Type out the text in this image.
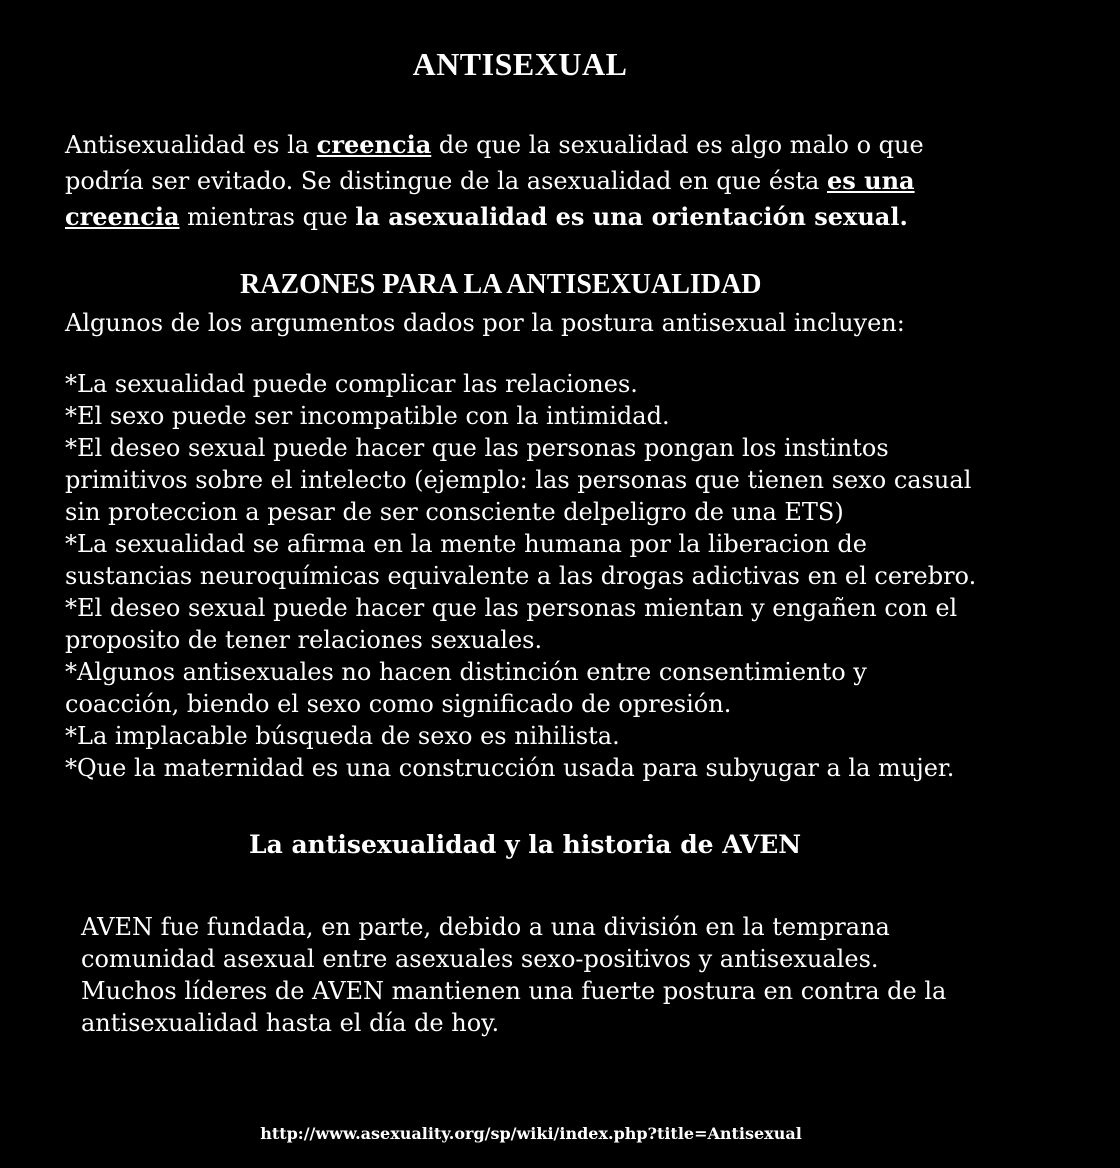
ANTISEXUAL
Antisexualidad es la creencia de que la sexualidad es algo malo o que
podría ser evitado. Se distingue de la asexualidad en que ésta es una
creencia mientras que la asexualidad es una orientación sexual.
RAZONES PARA LA ANTISEXUALIDAD
Algunos de los argumentos dados por la postura antisexual incluyen:
*La sexualidad puede complicar las relaciones.
*El sexo puede ser incompatible con la intimidad.
*El deseo sexual puede hacer que las personas pongan los instintos
primitivos sobre el intelecto (ejemplo: las personas que tienen sexo casual
sin proteccion a pesar de ser consciente delpeligro de una ETS)
*La sexualidad se afirma en la mente humana por la liberacion de
sustancias neuroquímicas equivalente a las drogas adictivas en el cerebro.
*El deseo sexual puede hacer que las personas mientan y engañen con el
proposito de tener relaciones sexuales.
*Algunos antisexuales no hacen distinción entre consentimiento y
coacción, biendo el sexo como significado de opresión.
*La implacable búsqueda de sexo es nihilista.
*Que la maternidad es una construcción usada para subyugar a la mujer.
La antisexualidad y la historia de AVEN
AVEN fue fundada, en parte, debido a una división en la temprana
comunidad asexual entre asexuales sexo-positivos y antisexuales.
Muchos líderes de AVEN mantienen una fuerte postura en contra de la
antisexualidad hasta el día de hoy.
http://www.asexuality.org/sp/wiki/index.php?title=Antisexual
